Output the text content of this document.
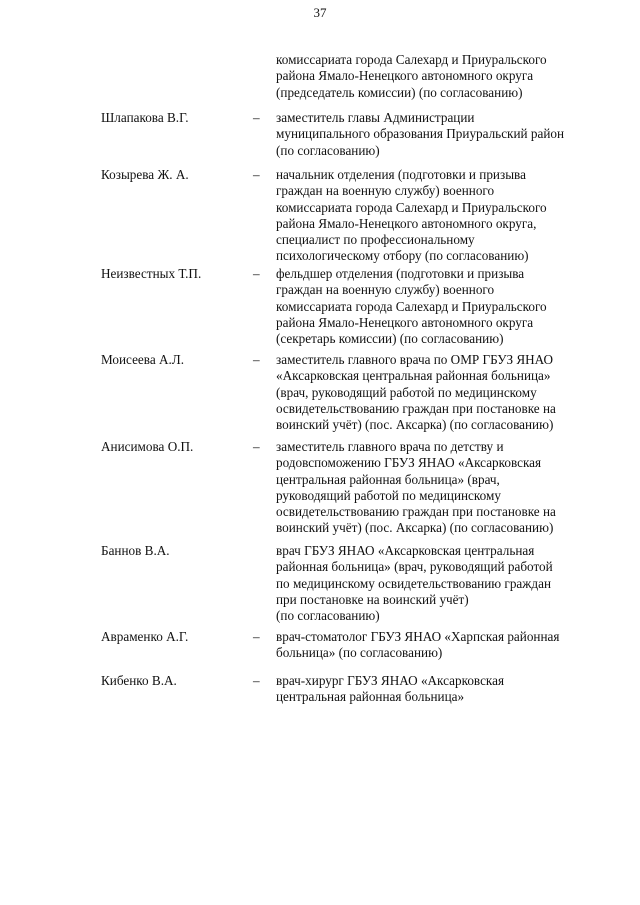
37
комиссариата города Салехард и Приуральского
района Ямало-Ненецкого автономного округа
(председатель комиссии) (по согласованию)
Шлапакова В.Г.	– заместитель главы Администрации
муниципального образования Приуральский район
(по согласованию)
Козырева Ж. А.	– начальник отделения (подготовки и призыва
граждан на военную службу) военного
комиссариата города Салехард и Приуральского
района Ямало-Ненецкого автономного округа,
специалист по профессиональному
психологическому отбору (по согласованию)
Неизвестных Т.П.	– фельдшер отделения (подготовки и призыва
граждан на военную службу) военного
комиссариата города Салехард и Приуральского
района Ямало-Ненецкого автономного округа
(секретарь комиссии) (по согласованию)
Моисеева А.Л.	– заместитель главного врача по ОМР ГБУЗ ЯНАО
«Аксарковская центральная районная больница»
(врач, руководящий работой по медицинскому
освидетельствованию граждан при постановке на
воинский учёт) (пос. Аксарка) (по согласованию)
Анисимова О.П.	– заместитель главного врача по детству и
родовспоможению ГБУЗ ЯНАО «Аксарковская
центральная районная больница» (врач,
руководящий работой по медицинскому
освидетельствованию граждан при постановке на
воинский учёт) (пос. Аксарка) (по согласованию)
Баннов В.А.	врач ГБУЗ ЯНАО «Аксарковская центральная
районная больница» (врач, руководящий работой
по медицинскому освидетельствованию граждан
при постановке на воинский учёт)
(по согласованию)
Авраменко А.Г.	– врач-стоматолог ГБУЗ ЯНАО «Харпская районная
больница» (по согласованию)
Кибенко В.А.	– врач-хирург ГБУЗ ЯНАО «Аксарковская
центральная районная больница»
